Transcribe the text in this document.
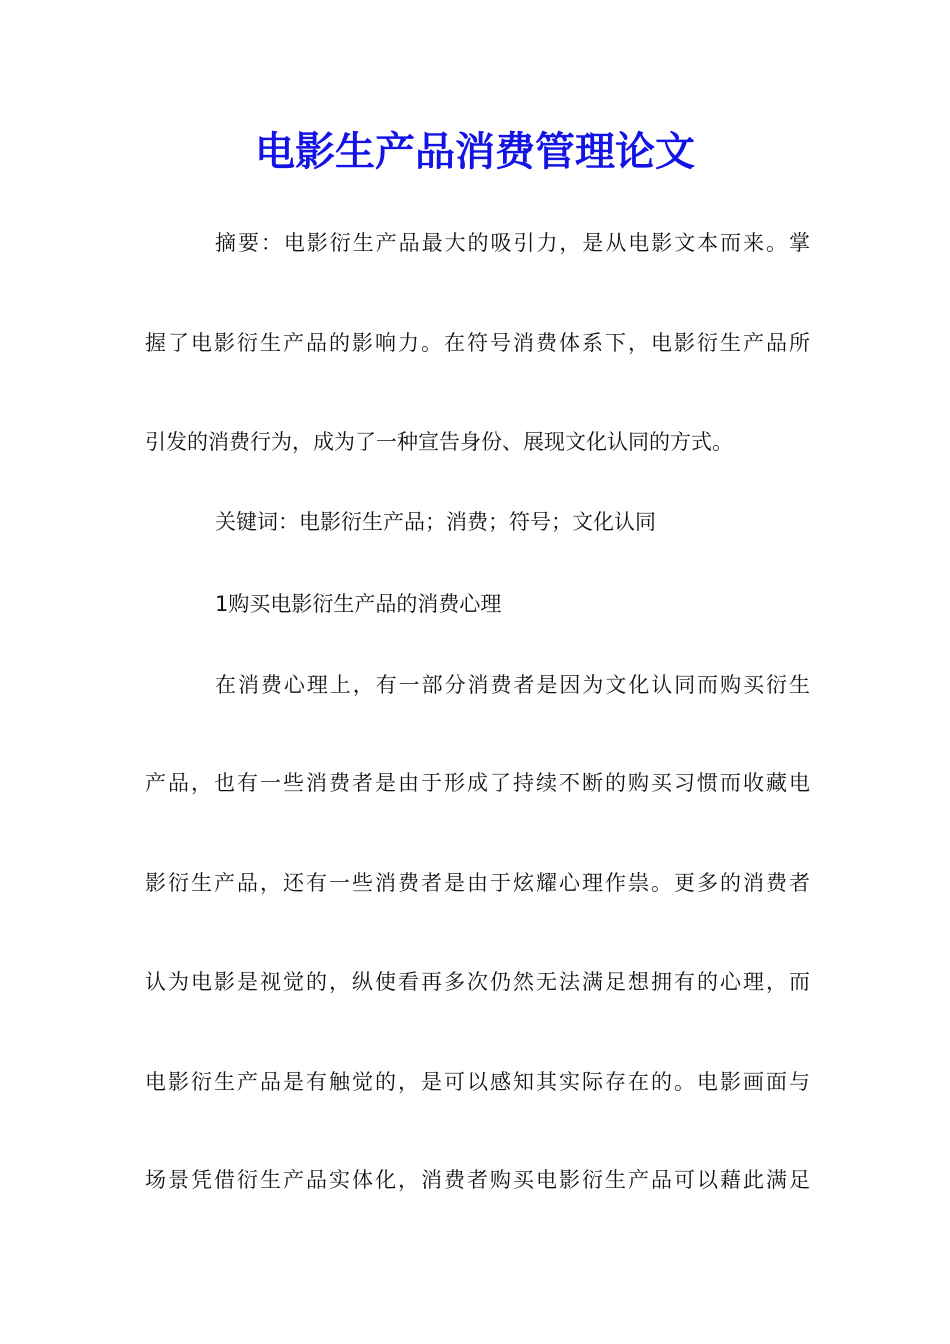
电影生产品消费管理论文

摘要：电影衍生产品最大的吸引力，是从电影文本而来。掌

握了电影衍生产品的影响力。在符号消费体系下，电影衍生产品所

引发的消费行为，成为了一种宣告身份、展现文化认同的方式。

关键词：电影衍生产品；消费；符号；文化认同

1购买电影衍生产品的消费心理

在消费心理上，有一部分消费者是因为文化认同而购买衍生

产品，也有一些消费者是由于形成了持续不断的购买习惯而收藏电

影衍生产品，还有一些消费者是由于炫耀心理作祟。更多的消费者

认为电影是视觉的，纵使看再多次仍然无法满足想拥有的心理，而

电影衍生产品是有触觉的，是可以感知其实际存在的。电影画面与

场景凭借衍生产品实体化，消费者购买电影衍生产品可以藉此满足
